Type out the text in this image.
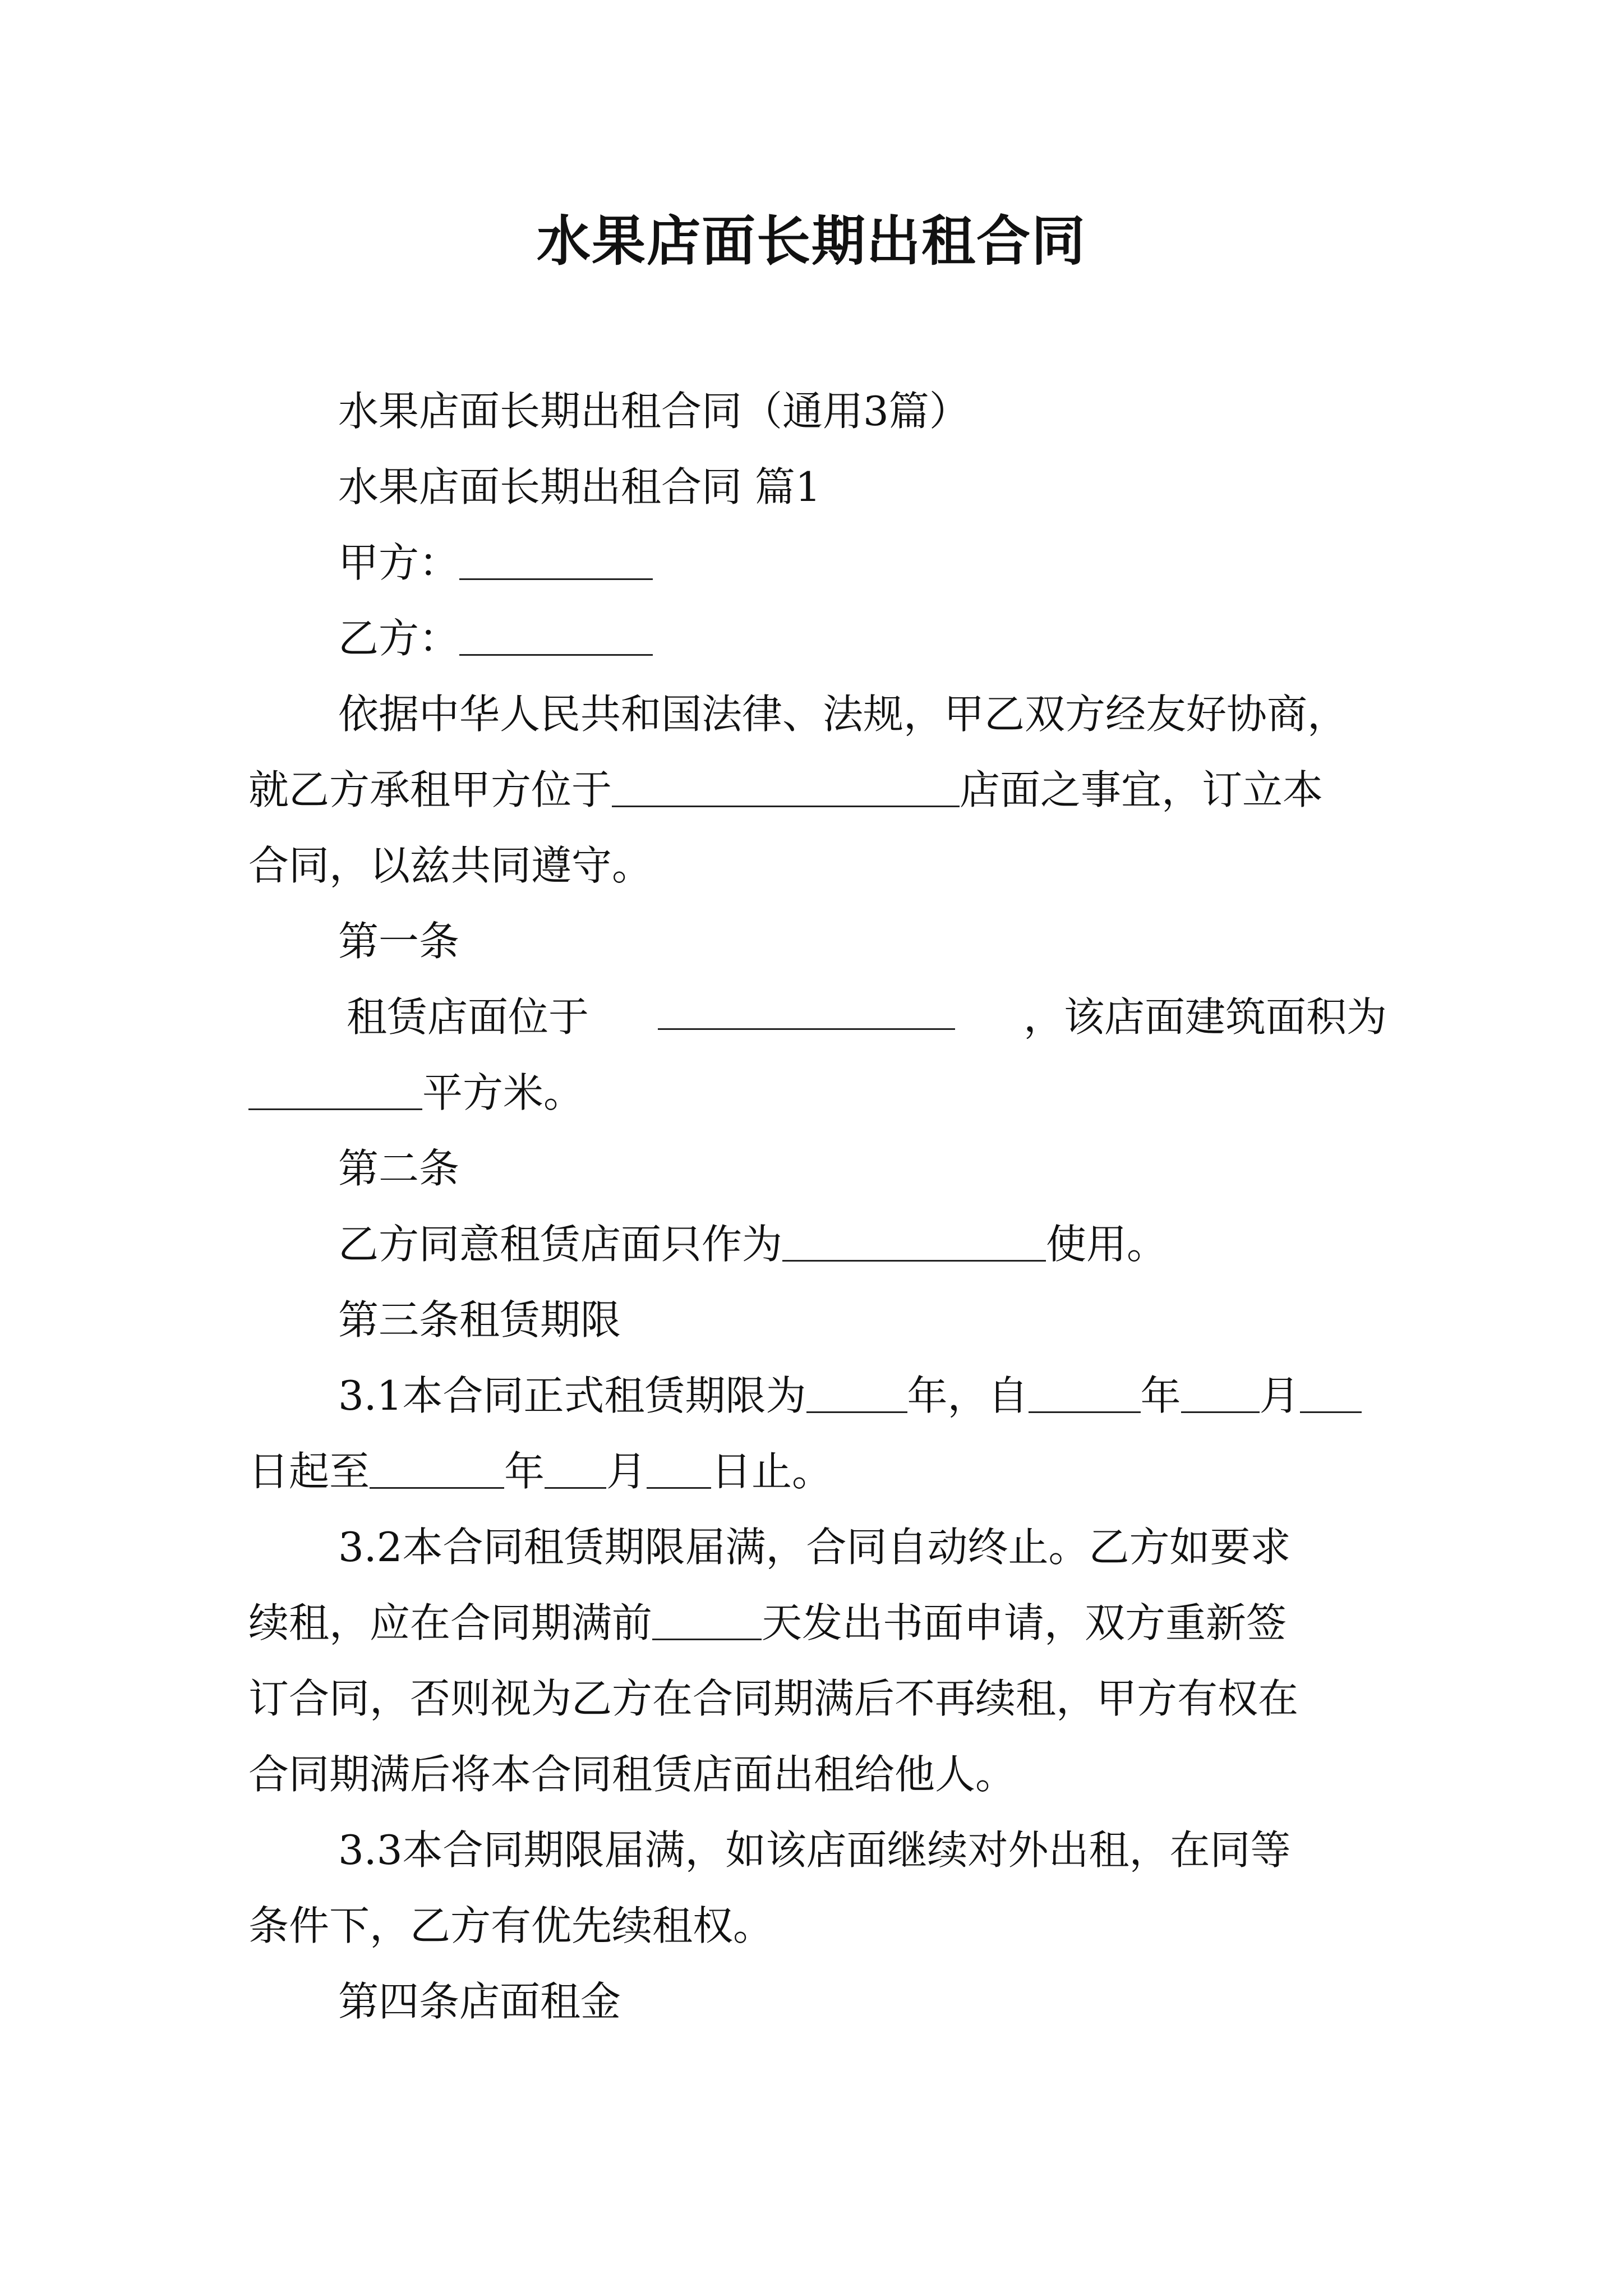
水果店面长期出租合同
水果店面长期出租合同（通用3篇）
水果店面长期出租合同 篇1
甲方：
乙方：
依据中华人民共和国法律、法规，甲乙双方经友好协商，
就乙方承租甲方位于	店面之事宜，订立本
合同，以兹共同遵守。
第一条
租赁店面位于	，该店面建筑面积为
平方米。
第二条
乙方同意租赁店面只作为	使用。
第三条租赁期限
3.1本合同正式租赁期限为	年，自	年 月
日起至	年 月 日止。
3.2本合同租赁期限届满，合同自动终止。乙方如要求
续租，应在合同期满前	天发出书面申请，双方重新签
订合同，否则视为乙方在合同期满后不再续租，甲方有权在
合同期满后将本合同租赁店面出租给他人。
3.3本合同期限届满，如该店面继续对外出租，在同等
条件下，乙方有优先续租权。
第四条店面租金
